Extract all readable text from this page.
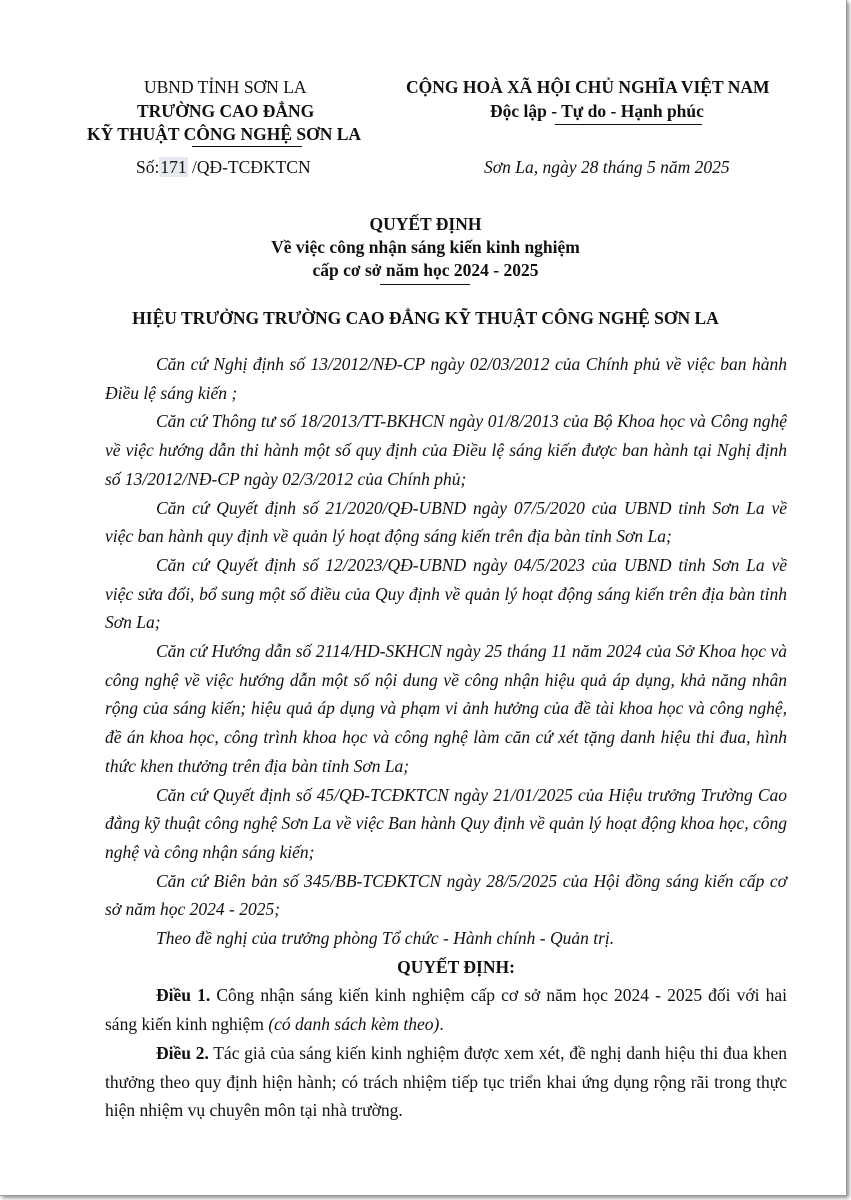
UBND TỈNH SƠN LA
TRƯỜNG CAO ĐẲNG
KỸ THUẬT CÔNG NGHỆ SƠN LA
Số:171 /QĐ-TCĐKTCN
CỘNG HOÀ XÃ HỘI CHỦ NGHĨA VIỆT NAM
Độc lập - Tự do - Hạnh phúc
Sơn La, ngày 28 tháng 5 năm 2025
QUYẾT ĐỊNH
Về việc công nhận sáng kiến kinh nghiệm
cấp cơ sở năm học 2024 - 2025
HIỆU TRƯỞNG TRƯỜNG CAO ĐẲNG KỸ THUẬT CÔNG NGHỆ SƠN LA

Căn cứ Nghị định số 13/2012/NĐ-CP ngày 02/03/2012 của Chính phủ về việc ban hành Điều lệ sáng kiến ;

Căn cứ Thông tư số 18/2013/TT-BKHCN ngày 01/8/2013 của Bộ Khoa học và Công nghệ về việc hướng dẫn thi hành một số quy định của Điều lệ sáng kiến được ban hành tại Nghị định số 13/2012/NĐ-CP ngày 02/3/2012 của Chính phủ;

Căn cứ Quyết định số 21/2020/QĐ-UBND ngày 07/5/2020 của UBND tỉnh Sơn La về việc ban hành quy định về quản lý hoạt động sáng kiến trên địa bàn tỉnh Sơn La;

Căn cứ Quyết định số 12/2023/QĐ-UBND ngày 04/5/2023 của UBND tỉnh Sơn La về việc sửa đổi, bổ sung một số điều của Quy định về quản lý hoạt động sáng kiến trên địa bàn tỉnh Sơn La;

Căn cứ Hướng dẫn số 2114/HD-SKHCN ngày 25 tháng 11 năm 2024 của Sở Khoa học và công nghệ về việc hướng dẫn một số nội dung về công nhận hiệu quả áp dụng, khả năng nhân rộng của sáng kiến; hiệu quả áp dụng và phạm vi ảnh hưởng của đề tài khoa học và công nghệ, đề án khoa học, công trình khoa học và công nghệ làm căn cứ xét tặng danh hiệu thi đua, hình thức khen thưởng trên địa bàn tỉnh Sơn La;

Căn cứ Quyết định số 45/QĐ-TCĐKTCN ngày 21/01/2025 của Hiệu trưởng Trường Cao đẳng kỹ thuật công nghệ Sơn La về việc Ban hành Quy định về quản lý hoạt động khoa học, công nghệ và công nhận sáng kiến;

Căn cứ Biên bản số 345/BB-TCĐKTCN ngày 28/5/2025 của Hội đồng sáng kiến cấp cơ sở năm học 2024 - 2025;

Theo đề nghị của trưởng phòng Tổ chức - Hành chính - Quản trị.

QUYẾT ĐỊNH:

Điều 1. Công nhận sáng kiến kinh nghiệm cấp cơ sở năm học 2024 - 2025 đối với hai sáng kiến kinh nghiệm (có danh sách kèm theo).

Điều 2. Tác giả của sáng kiến kinh nghiệm được xem xét, đề nghị danh hiệu thi đua khen thưởng theo quy định hiện hành; có trách nhiệm tiếp tục triển khai ứng dụng rộng rãi trong thực hiện nhiệm vụ chuyên môn tại nhà trường.
